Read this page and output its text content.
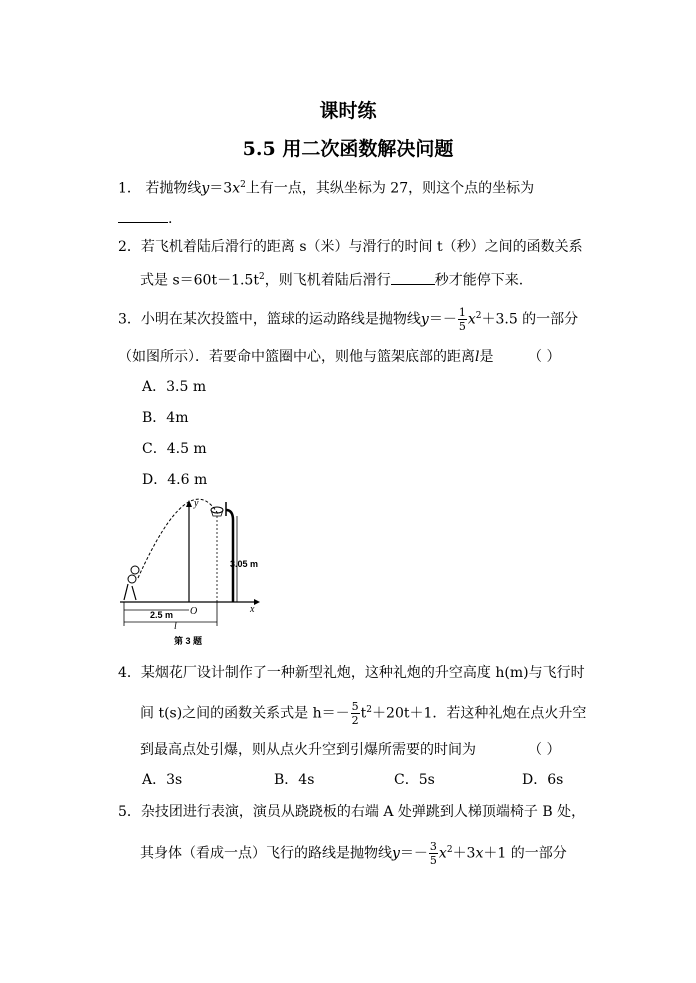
课时练
5.5 用二次函数解决问题
1． 若抛物线$y=3x^2$上有一点，其纵坐标为 27，则这个点的坐标为
.
2．若飞机着陆后滑行的距离 s（米）与滑行的时间 t（秒）之间的函数关系
式是 $s=60t-1.5t^2$，则飞机着陆后滑行	秒才能停下来.
3．小明在某次投篮中，篮球的运动路线是抛物线$y=- \frac{1}{5} x^2+3.5$ 的一部分
（如图所示）．若要命中篮圈中心，则他与篮架底部的距离l是 （ ）
A．3.5 m
B．4m
C．4.5 m
D．4.6 m
y
x
O
3.05 m
2.5 m
l
第 3 题
4．某烟花厂设计制作了一种新型礼炮，这种礼炮的升空高度 h(m)与飞行时
间 t(s)之间的函数关系式是 $h=- \frac{5}{2} t^2+20t+1$．若这种礼炮在点火升空
到最高点处引爆，则从点火升空到引爆所需要的时间为	（ ）
A．3s	B．4s	C．5s	D．6s
5．杂技团进行表演，演员从跷跷板的右端 A 处弹跳到人梯顶端椅子 B 处，
其身体（看成一点）飞行的路线是抛物线$y=- \frac{3}{5} x^2+3x+1$ 的一部分
